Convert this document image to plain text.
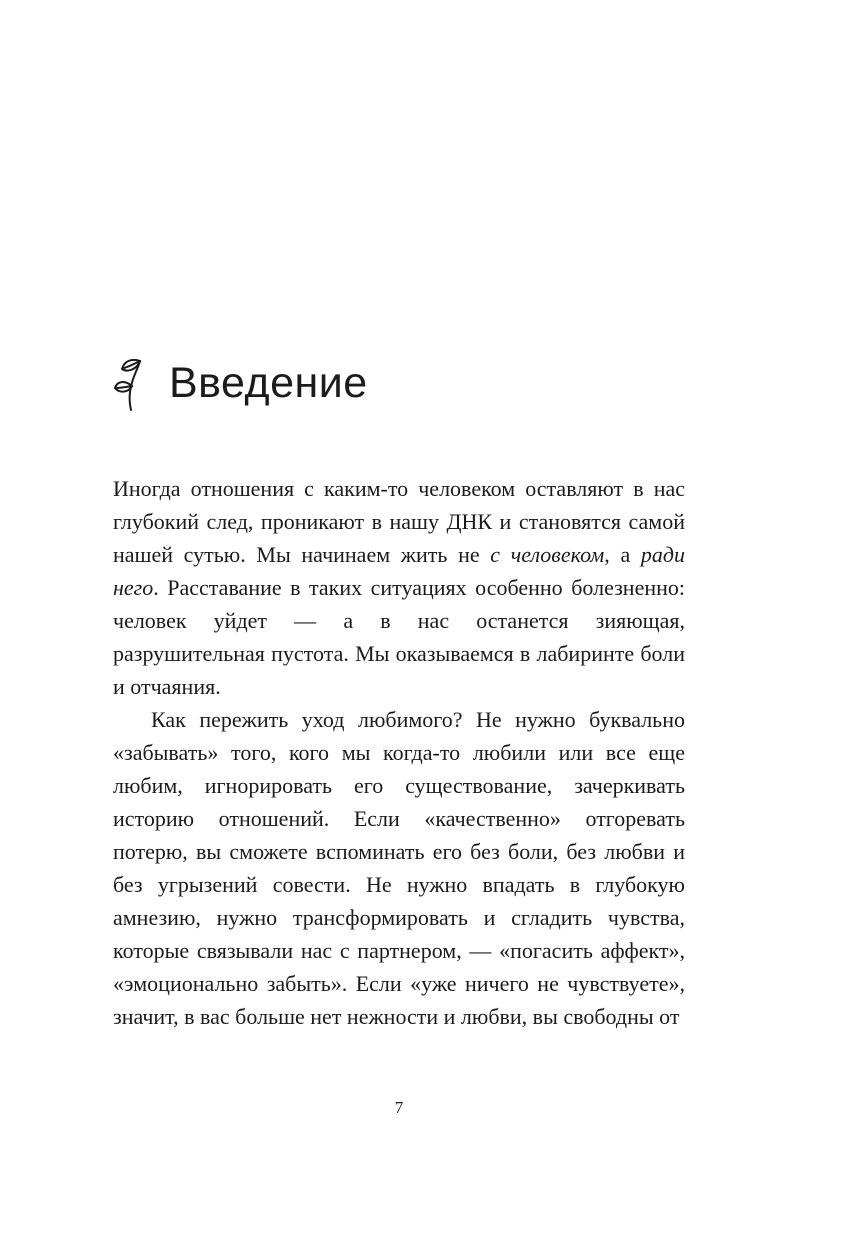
Введение

Иногда отношения с каким-то человеком оставляют в нас глубокий след, проникают в нашу ДНК и становятся самой нашей сутью. Мы начинаем жить не с человеком, а ради него. Расставание в таких ситуациях особенно болезненно: человек уйдет — а в нас останется зияющая, разрушительная пустота. Мы оказываемся в лабиринте боли и отчаяния.

Как пережить уход любимого? Не нужно буквально «забывать» того, кого мы когда-то любили или все еще любим, игнорировать его существование, зачеркивать историю отношений. Если «качественно» отгоревать потерю, вы сможете вспоминать его без боли, без любви и без угрызений совести. Не нужно впадать в глубокую амнезию, нужно трансформировать и сгладить чувства, которые связывали нас с партнером, — «погасить аффект», «эмоционально забыть». Если «уже ничего не чувствуете», значит, в вас больше нет нежности и любви, вы свободны от

7
